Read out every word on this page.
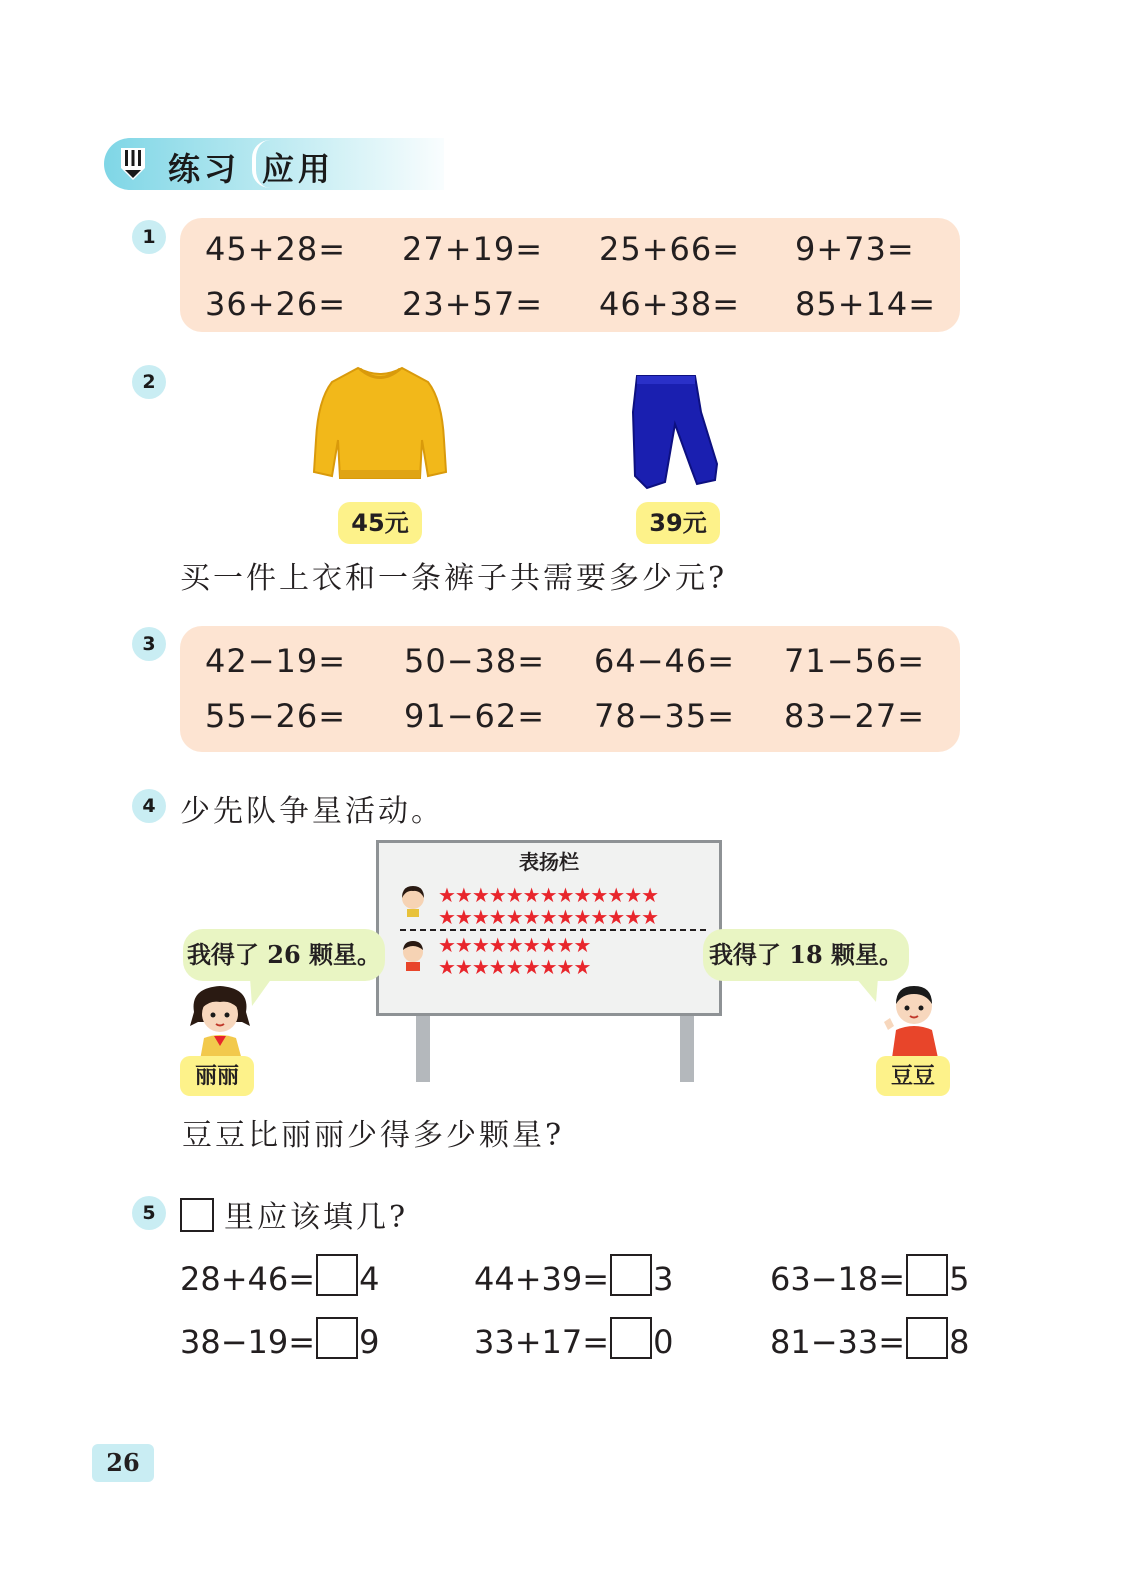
练习 应用
1	45+28= 27+19= 25+66= 9+73=
36+26= 23+57= 46+38= 85+14=
2
45元	39元
买一件上衣和一条裤子共需要多少元?
3	42−19= 50−38= 64−46= 71−56=
55−26= 91−62= 78−35= 83−27=
4 少先队争星活动。
表扬栏
★★★★★★★★★★★★★
★★★★★★★★★★★★★
★★★★★★★★★
★★★★★★★★★
我得了 26 颗星。	我得了 18 颗星。
丽丽	豆豆
豆豆比丽丽少得多少颗星?
5	里应该填几?
28+46= 4	44+39= 3	63−18= 5
38−19= 9	33+17= 0	81−33= 8
26
